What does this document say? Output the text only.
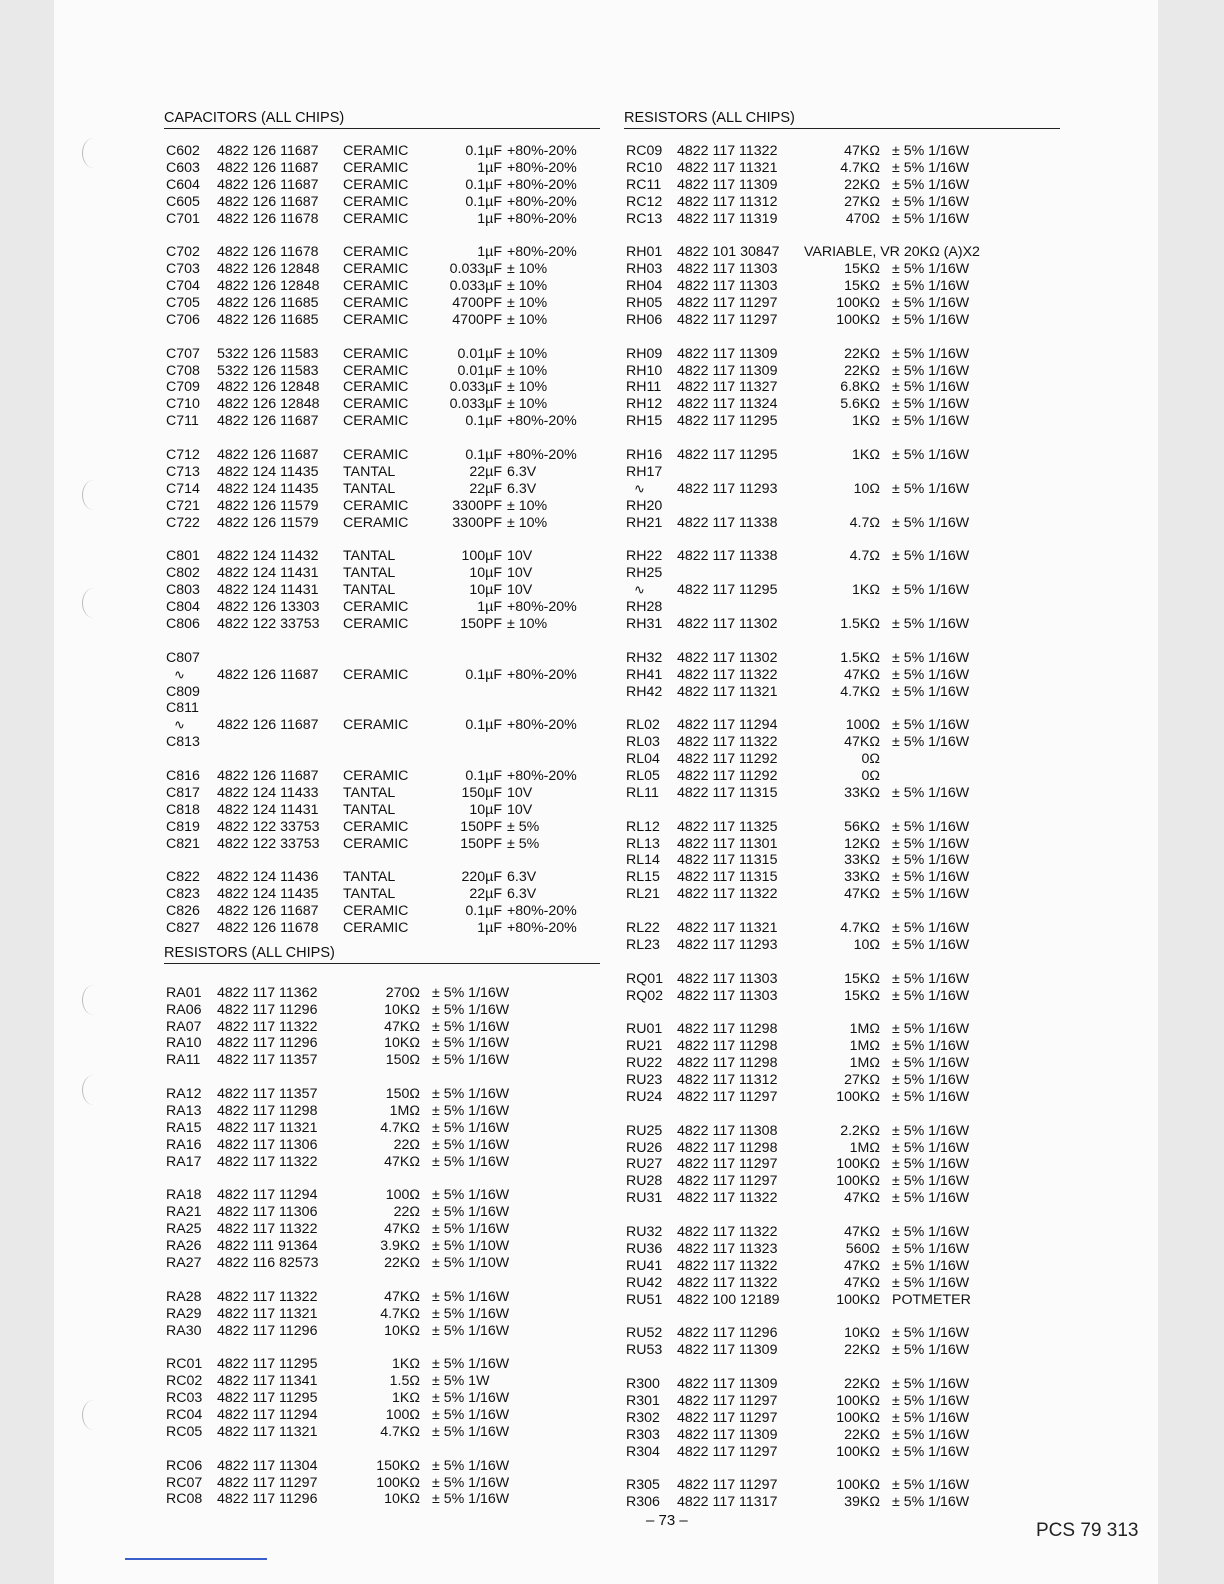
CAPACITORS (ALL CHIPS)
C602 4822 126 11687 CERAMIC	0.1µF +80%-20%
C603 4822 126 11687 CERAMIC	1µF +80%-20%
C604 4822 126 11687 CERAMIC	0.1µF +80%-20%
C605 4822 126 11687 CERAMIC	0.1µF +80%-20%
C701 4822 126 11678 CERAMIC	1µF +80%-20%
C702 4822 126 11678 CERAMIC	1µF +80%-20%
C703 4822 126 12848 CERAMIC	0.033µF ± 10%
C704 4822 126 12848 CERAMIC	0.033µF ± 10%
C705 4822 126 11685 CERAMIC	4700PF ± 10%
C706 4822 126 11685 CERAMIC	4700PF ± 10%
C707 5322 126 11583 CERAMIC	0.01µF ± 10%
C708 5322 126 11583 CERAMIC	0.01µF ± 10%
C709 4822 126 12848 CERAMIC	0.033µF ± 10%
C710 4822 126 12848 CERAMIC	0.033µF ± 10%
C711 4822 126 11687 CERAMIC	0.1µF +80%-20%
C712 4822 126 11687 CERAMIC	0.1µF +80%-20%
C713 4822 124 11435 TANTAL	22µF 6.3V
C714 4822 124 11435 TANTAL	22µF 6.3V
C721 4822 126 11579 CERAMIC	3300PF ± 10%
C722 4822 126 11579 CERAMIC	3300PF ± 10%
C801 4822 124 11432 TANTAL	100µF 10V
C802 4822 124 11431 TANTAL	10µF 10V
C803 4822 124 11431 TANTAL	10µF 10V
C804 4822 126 13303 CERAMIC	1µF +80%-20%
C806 4822 122 33753 CERAMIC	150PF ± 10%
C807
∿ 4822 126 11687 CERAMIC	0.1µF +80%-20%
C809
C811
∿ 4822 126 11687 CERAMIC	0.1µF +80%-20%
C813
C816 4822 126 11687 CERAMIC	0.1µF +80%-20%
C817 4822 124 11433 TANTAL	150µF 10V
C818 4822 124 11431 TANTAL	10µF 10V
C819 4822 122 33753 CERAMIC	150PF ± 5%
C821 4822 122 33753 CERAMIC	150PF ± 5%
C822 4822 124 11436 TANTAL	220µF 6.3V
C823 4822 124 11435 TANTAL	22µF 6.3V
C826 4822 126 11687 CERAMIC	0.1µF +80%-20%
C827 4822 126 11678 CERAMIC	1µF +80%-20%
RESISTORS (ALL CHIPS)
RA01 4822 117 11362	270Ω ± 5% 1/16W
RA06 4822 117 11296	10KΩ ± 5% 1/16W
RA07 4822 117 11322	47KΩ ± 5% 1/16W
RA10 4822 117 11296	10KΩ ± 5% 1/16W
RA11 4822 117 11357	150Ω ± 5% 1/16W
RA12 4822 117 11357	150Ω ± 5% 1/16W
RA13 4822 117 11298	1MΩ ± 5% 1/16W
RA15 4822 117 11321	4.7KΩ ± 5% 1/16W
RA16 4822 117 11306	22Ω ± 5% 1/16W
RA17 4822 117 11322	47KΩ ± 5% 1/16W
RA18 4822 117 11294	100Ω ± 5% 1/16W
RA21 4822 117 11306	22Ω ± 5% 1/16W
RA25 4822 117 11322	47KΩ ± 5% 1/16W
RA26 4822 111 91364	3.9KΩ ± 5% 1/10W
RA27 4822 116 82573	22KΩ ± 5% 1/10W
RA28 4822 117 11322	47KΩ ± 5% 1/16W
RA29 4822 117 11321	4.7KΩ ± 5% 1/16W
RA30 4822 117 11296	10KΩ ± 5% 1/16W
RC01 4822 117 11295	1KΩ ± 5% 1/16W
RC02 4822 117 11341	1.5Ω ± 5% 1W
RC03 4822 117 11295	1KΩ ± 5% 1/16W
RC04 4822 117 11294	100Ω ± 5% 1/16W
RC05 4822 117 11321	4.7KΩ ± 5% 1/16W
RC06 4822 117 11304	150KΩ ± 5% 1/16W
RC07 4822 117 11297	100KΩ ± 5% 1/16W
RC08 4822 117 11296	10KΩ ± 5% 1/16W
RESISTORS (ALL CHIPS)
RC09 4822 117 11322	47KΩ ± 5% 1/16W
RC10 4822 117 11321	4.7KΩ ± 5% 1/16W
RC11 4822 117 11309	22KΩ ± 5% 1/16W
RC12 4822 117 11312	27KΩ ± 5% 1/16W
RC13 4822 117 11319	470Ω ± 5% 1/16W
RH01 4822 101 30847 VARIABLE, VR 20KΩ (A)X2
RH03 4822 117 11303	15KΩ ± 5% 1/16W
RH04 4822 117 11303	15KΩ ± 5% 1/16W
RH05 4822 117 11297	100KΩ ± 5% 1/16W
RH06 4822 117 11297	100KΩ ± 5% 1/16W
RH09 4822 117 11309	22KΩ ± 5% 1/16W
RH10 4822 117 11309	22KΩ ± 5% 1/16W
RH11 4822 117 11327	6.8KΩ ± 5% 1/16W
RH12 4822 117 11324	5.6KΩ ± 5% 1/16W
RH15 4822 117 11295	1KΩ ± 5% 1/16W
RH16 4822 117 11295	1KΩ ± 5% 1/16W
RH17
∿ 4822 117 11293	10Ω ± 5% 1/16W
RH20
RH21 4822 117 11338	4.7Ω ± 5% 1/16W
RH22 4822 117 11338	4.7Ω ± 5% 1/16W
RH25
∿ 4822 117 11295	1KΩ ± 5% 1/16W
RH28
RH31 4822 117 11302	1.5KΩ ± 5% 1/16W
RH32 4822 117 11302	1.5KΩ ± 5% 1/16W
RH41 4822 117 11322	47KΩ ± 5% 1/16W
RH42 4822 117 11321	4.7KΩ ± 5% 1/16W
RL02 4822 117 11294	100Ω ± 5% 1/16W
RL03 4822 117 11322	47KΩ ± 5% 1/16W
RL04 4822 117 11292	0Ω
RL05 4822 117 11292	0Ω
RL11 4822 117 11315	33KΩ ± 5% 1/16W
RL12 4822 117 11325	56KΩ ± 5% 1/16W
RL13 4822 117 11301	12KΩ ± 5% 1/16W
RL14 4822 117 11315	33KΩ ± 5% 1/16W
RL15 4822 117 11315	33KΩ ± 5% 1/16W
RL21 4822 117 11322	47KΩ ± 5% 1/16W
RL22 4822 117 11321	4.7KΩ ± 5% 1/16W
RL23 4822 117 11293	10Ω ± 5% 1/16W
RQ01 4822 117 11303	15KΩ ± 5% 1/16W
RQ02 4822 117 11303	15KΩ ± 5% 1/16W
RU01 4822 117 11298	1MΩ ± 5% 1/16W
RU21 4822 117 11298	1MΩ ± 5% 1/16W
RU22 4822 117 11298	1MΩ ± 5% 1/16W
RU23 4822 117 11312	27KΩ ± 5% 1/16W
RU24 4822 117 11297	100KΩ ± 5% 1/16W
RU25 4822 117 11308	2.2KΩ ± 5% 1/16W
RU26 4822 117 11298	1MΩ ± 5% 1/16W
RU27 4822 117 11297	100KΩ ± 5% 1/16W
RU28 4822 117 11297	100KΩ ± 5% 1/16W
RU31 4822 117 11322	47KΩ ± 5% 1/16W
RU32 4822 117 11322	47KΩ ± 5% 1/16W
RU36 4822 117 11323	560Ω ± 5% 1/16W
RU41 4822 117 11322	47KΩ ± 5% 1/16W
RU42 4822 117 11322	47KΩ ± 5% 1/16W
RU51 4822 100 12189	100KΩ POTMETER
RU52 4822 117 11296	10KΩ ± 5% 1/16W
RU53 4822 117 11309	22KΩ ± 5% 1/16W
R300 4822 117 11309	22KΩ ± 5% 1/16W
R301 4822 117 11297	100KΩ ± 5% 1/16W
R302 4822 117 11297	100KΩ ± 5% 1/16W
R303 4822 117 11309	22KΩ ± 5% 1/16W
R304 4822 117 11297	100KΩ ± 5% 1/16W
R305 4822 117 11297	100KΩ ± 5% 1/16W
R306 4822 117 11317	39KΩ ± 5% 1/16W
– 73 –	PCS 79 313
